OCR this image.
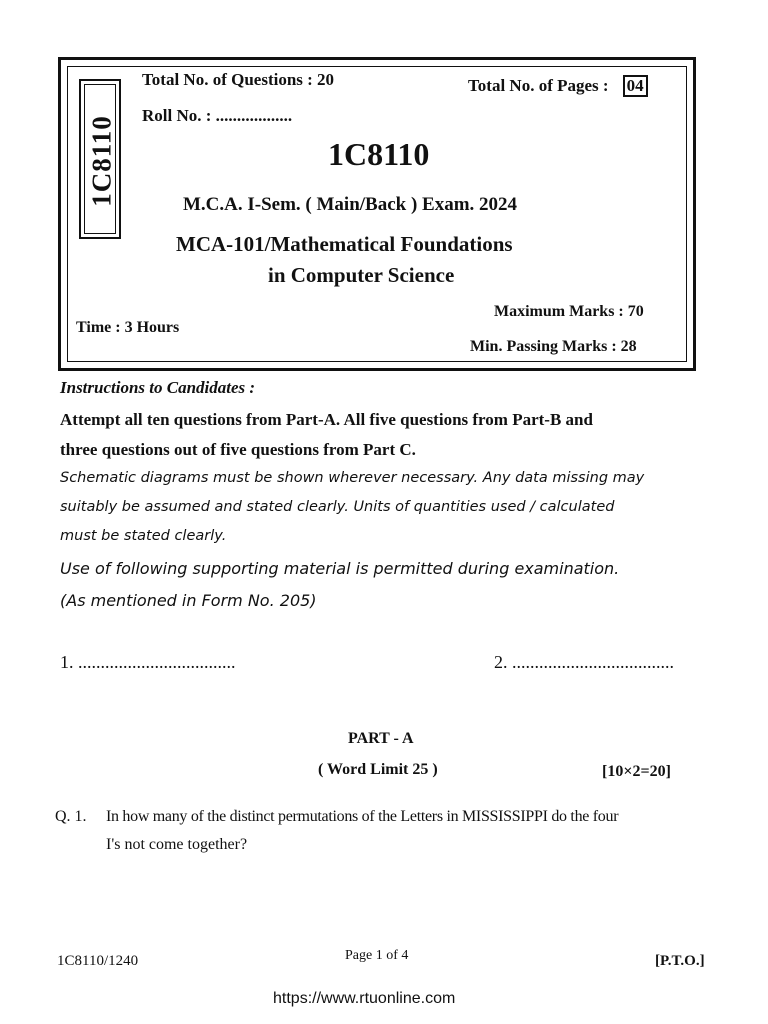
1C8110
Total No. of Questions : 20	Total No. of Pages : 04
Roll No. : ..................
1C8110
M.C.A. I-Sem. ( Main/Back ) Exam. 2024
MCA-101/Mathematical Foundations
in Computer Science
Maximum Marks : 70
Time : 3 Hours
Min. Passing Marks : 28
Instructions to Candidates :
Attempt all ten questions from Part-A. All five questions from Part-B and
three questions out of five questions from Part C.
Schematic diagrams must be shown wherever necessary. Any data missing may
suitably be assumed and stated clearly. Units of quantities used / calculated
must be stated clearly.
Use of following supporting material is permitted during examination.
(As mentioned in Form No. 205)
1. ...................................	2. ....................................
PART - A
( Word Limit 25 )	[10×2=20]
Q. 1. In how many of the distinct permutations of the Letters in MISSISSIPPI do the four
I's not come together?
1C8110/1240	Page 1 of 4	[P.T.O.]
https://www.rtuonline.com
